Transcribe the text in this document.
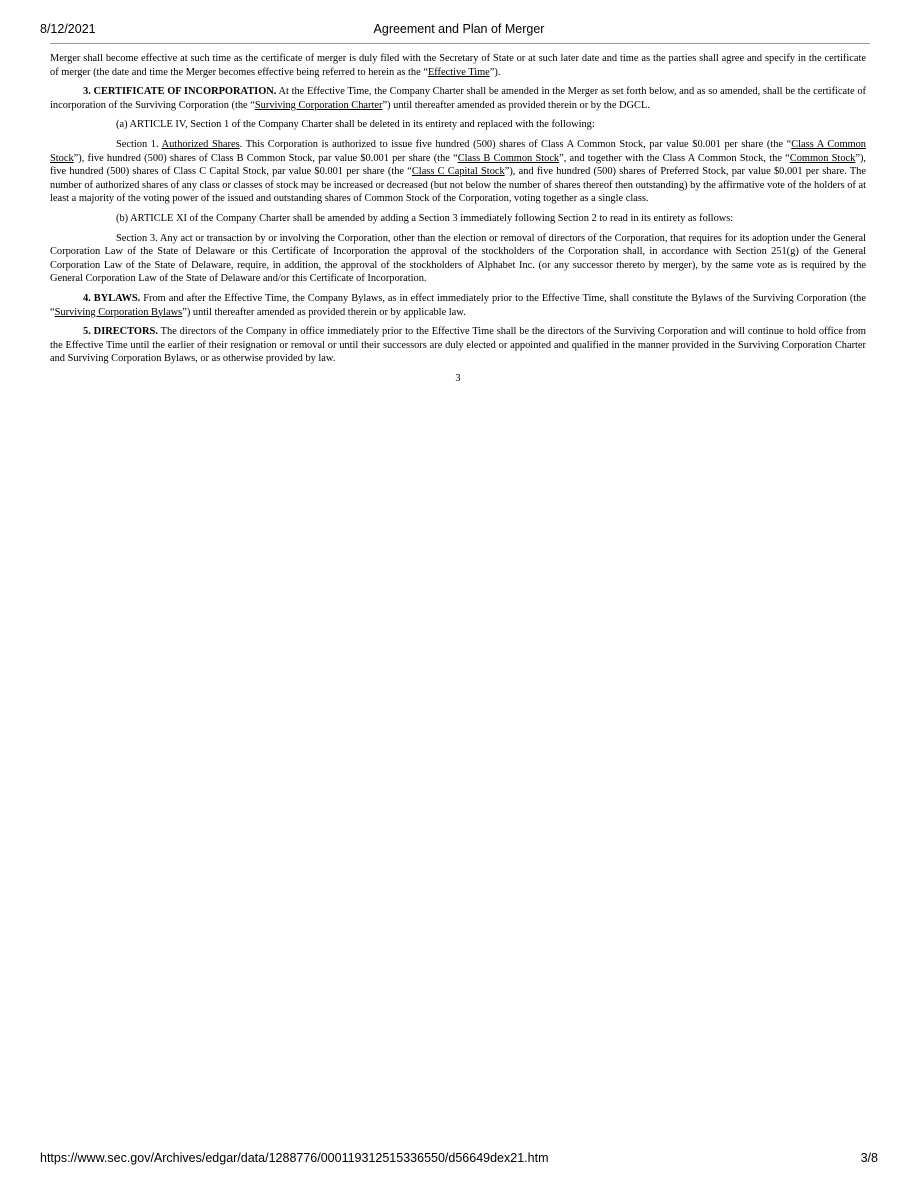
8/12/2021	Agreement and Plan of Merger

Merger shall become effective at such time as the certificate of merger is duly filed with the Secretary of State or at such later date and time as the parties shall agree and specify in the certificate of merger (the date and time the Merger becomes effective being referred to herein as the “Effective Time”).

3. CERTIFICATE OF INCORPORATION. At the Effective Time, the Company Charter shall be amended in the Merger as set forth below, and as so amended, shall be the certificate of incorporation of the Surviving Corporation (the “Surviving Corporation Charter”) until thereafter amended as provided therein or by the DGCL.

(a) ARTICLE IV, Section 1 of the Company Charter shall be deleted in its entirety and replaced with the following:

Section 1. Authorized Shares. This Corporation is authorized to issue five hundred (500) shares of Class A Common Stock, par value $0.001 per share (the “Class A Common Stock”), five hundred (500) shares of Class B Common Stock, par value $0.001 per share (the “Class B Common Stock”, and together with the Class A Common Stock, the “Common Stock”), five hundred (500) shares of Class C Capital Stock, par value $0.001 per share (the “Class C Capital Stock”), and five hundred (500) shares of Preferred Stock, par value $0.001 per share. The number of authorized shares of any class or classes of stock may be increased or decreased (but not below the number of shares thereof then outstanding) by the affirmative vote of the holders of at least a majority of the voting power of the issued and outstanding shares of Common Stock of the Corporation, voting together as a single class.

(b) ARTICLE XI of the Company Charter shall be amended by adding a Section 3 immediately following Section 2 to read in its entirety as follows:

Section 3. Any act or transaction by or involving the Corporation, other than the election or removal of directors of the Corporation, that requires for its adoption under the General Corporation Law of the State of Delaware or this Certificate of Incorporation the approval of the stockholders of the Corporation shall, in accordance with Section 251(g) of the General Corporation Law of the State of Delaware, require, in addition, the approval of the stockholders of Alphabet Inc. (or any successor thereto by merger), by the same vote as is required by the General Corporation Law of the State of Delaware and/or this Certificate of Incorporation.

4. BYLAWS. From and after the Effective Time, the Company Bylaws, as in effect immediately prior to the Effective Time, shall constitute the Bylaws of the Surviving Corporation (the “Surviving Corporation Bylaws”) until thereafter amended as provided therein or by applicable law.

5. DIRECTORS. The directors of the Company in office immediately prior to the Effective Time shall be the directors of the Surviving Corporation and will continue to hold office from the Effective Time until the earlier of their resignation or removal or until their successors are duly elected or appointed and qualified in the manner provided in the Surviving Corporation Charter and Surviving Corporation Bylaws, or as otherwise provided by law.

3
https://www.sec.gov/Archives/edgar/data/1288776/000119312515336550/d56649dex21.htm	3/8
